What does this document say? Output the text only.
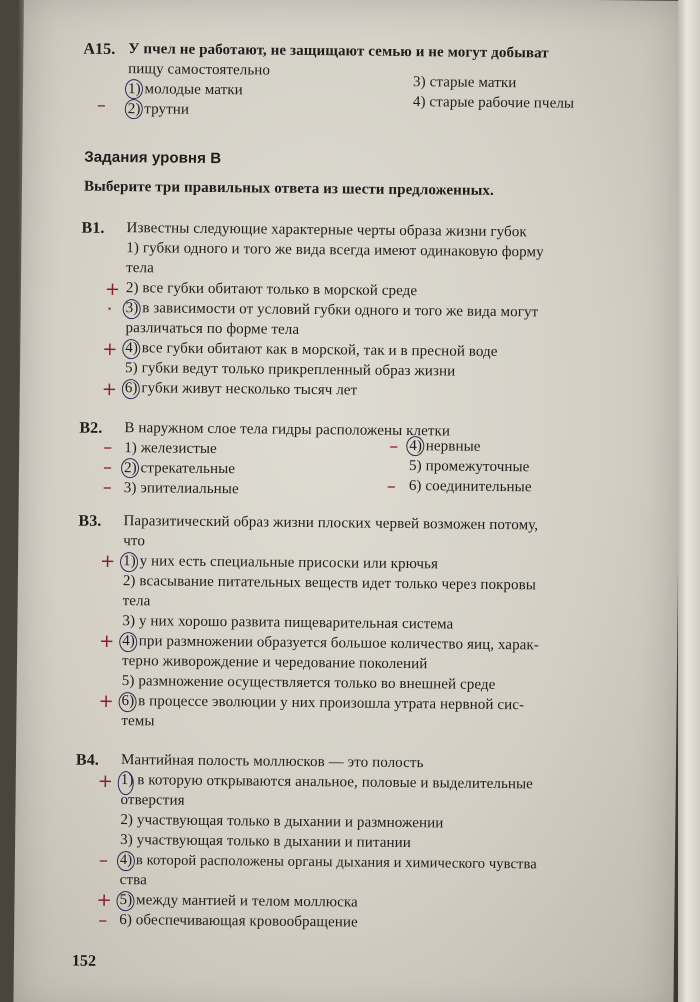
А15. У пчел не работают, не защищают семью и не могут добыват
пищу самостоятельно
1) молодые матки
2) трутни
3) старые матки
4) старые рабочие пчелы
–
Задания уровня В
Выберите три правильных ответа из шести предложенных.
В1. Известны следующие характерные черты образа жизни губок
1) губки одного и того же вида всегда имеют одинаковую форму
тела
2) все губки обитают только в морской среде
3) в зависимости от условий губки одного и того же вида могут
различаться по форме тела
4) все губки обитают как в морской, так и в пресной воде
5) губки ведут только прикрепленный образ жизни
6) губки живут несколько тысяч лет
+
·
+
+
В2. В наружном слое тела гидры расположены клетки
1) железистые
2) стрекательные
3) эпителиальные
4) нервные
5) промежуточные
6) соединительные
–
–
–
–
–
В3. Паразитический образ жизни плоских червей возможен потому,
что
1) у них есть специальные присоски или крючья
2) всасывание питательных веществ идет только через покровы
тела
3) у них хорошо развита пищеварительная система
4) при размножении образуется большое количество яиц, харак-
терно живорождение и чередование поколений
5) размножение осуществляется только во внешней среде
6) в процессе эволюции у них произошла утрата нервной сис-
темы
+
+
+
В4. Мантийная полость моллюсков — это полость
1) в которую открываются анальное, половые и выделительные
отверстия
2) участвующая только в дыхании и размножении
3) участвующая только в дыхании и питании
4) в которой расположены органы дыхания и химического чувства
ства
5) между мантией и телом моллюска
6) обеспечивающая кровообращение
+
–
+
–
152
